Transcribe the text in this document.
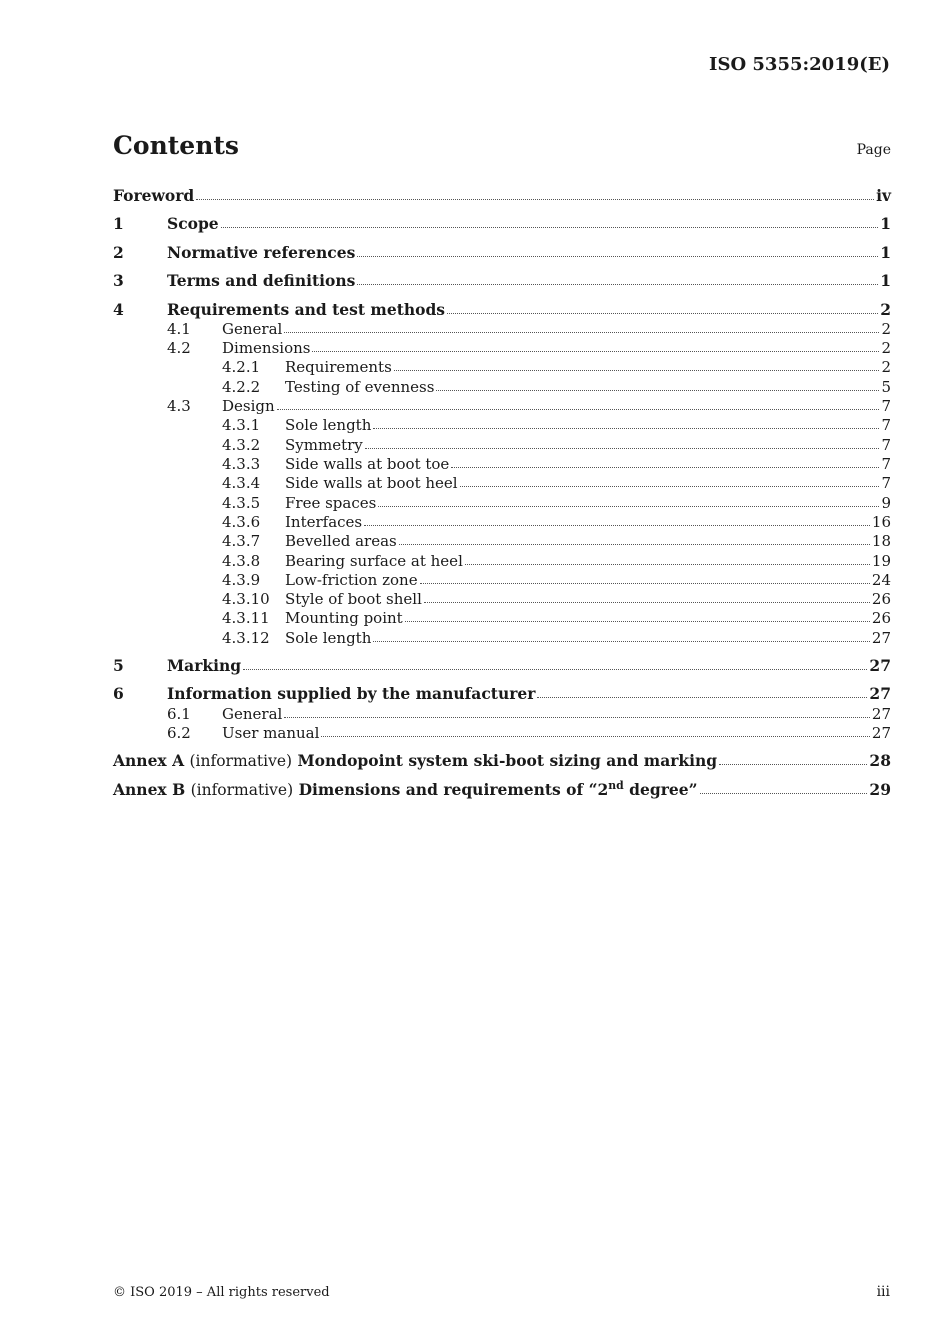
ISO 5355:2019(E)
Contents	Page
Foreword	iv
1	Scope	1
2	Normative references	1
3	Terms and definitions	1
4	Requirements and test methods	2
4.1	General	2
4.2	Dimensions	2
4.2.1	Requirements	2
4.2.2	Testing of evenness	5
4.3	Design	7
4.3.1	Sole length	7
4.3.2	Symmetry	7
4.3.3	Side walls at boot toe	7
4.3.4	Side walls at boot heel	7
4.3.5	Free spaces	9
4.3.6	Interfaces	16
4.3.7	Bevelled areas	18
4.3.8	Bearing surface at heel	19
4.3.9	Low-friction zone	24
4.3.10	Style of boot shell	26
4.3.11	Mounting point	26
4.3.12	Sole length	27
5	Marking	27
6	Information supplied by the manufacturer	27
6.1	General	27
6.2	User manual	27
Annex A (informative) Mondopoint system ski-boot sizing and marking	28
Annex B (informative) Dimensions and requirements of “2nd degree”	29
© ISO 2019 – All rights reserved	iii
